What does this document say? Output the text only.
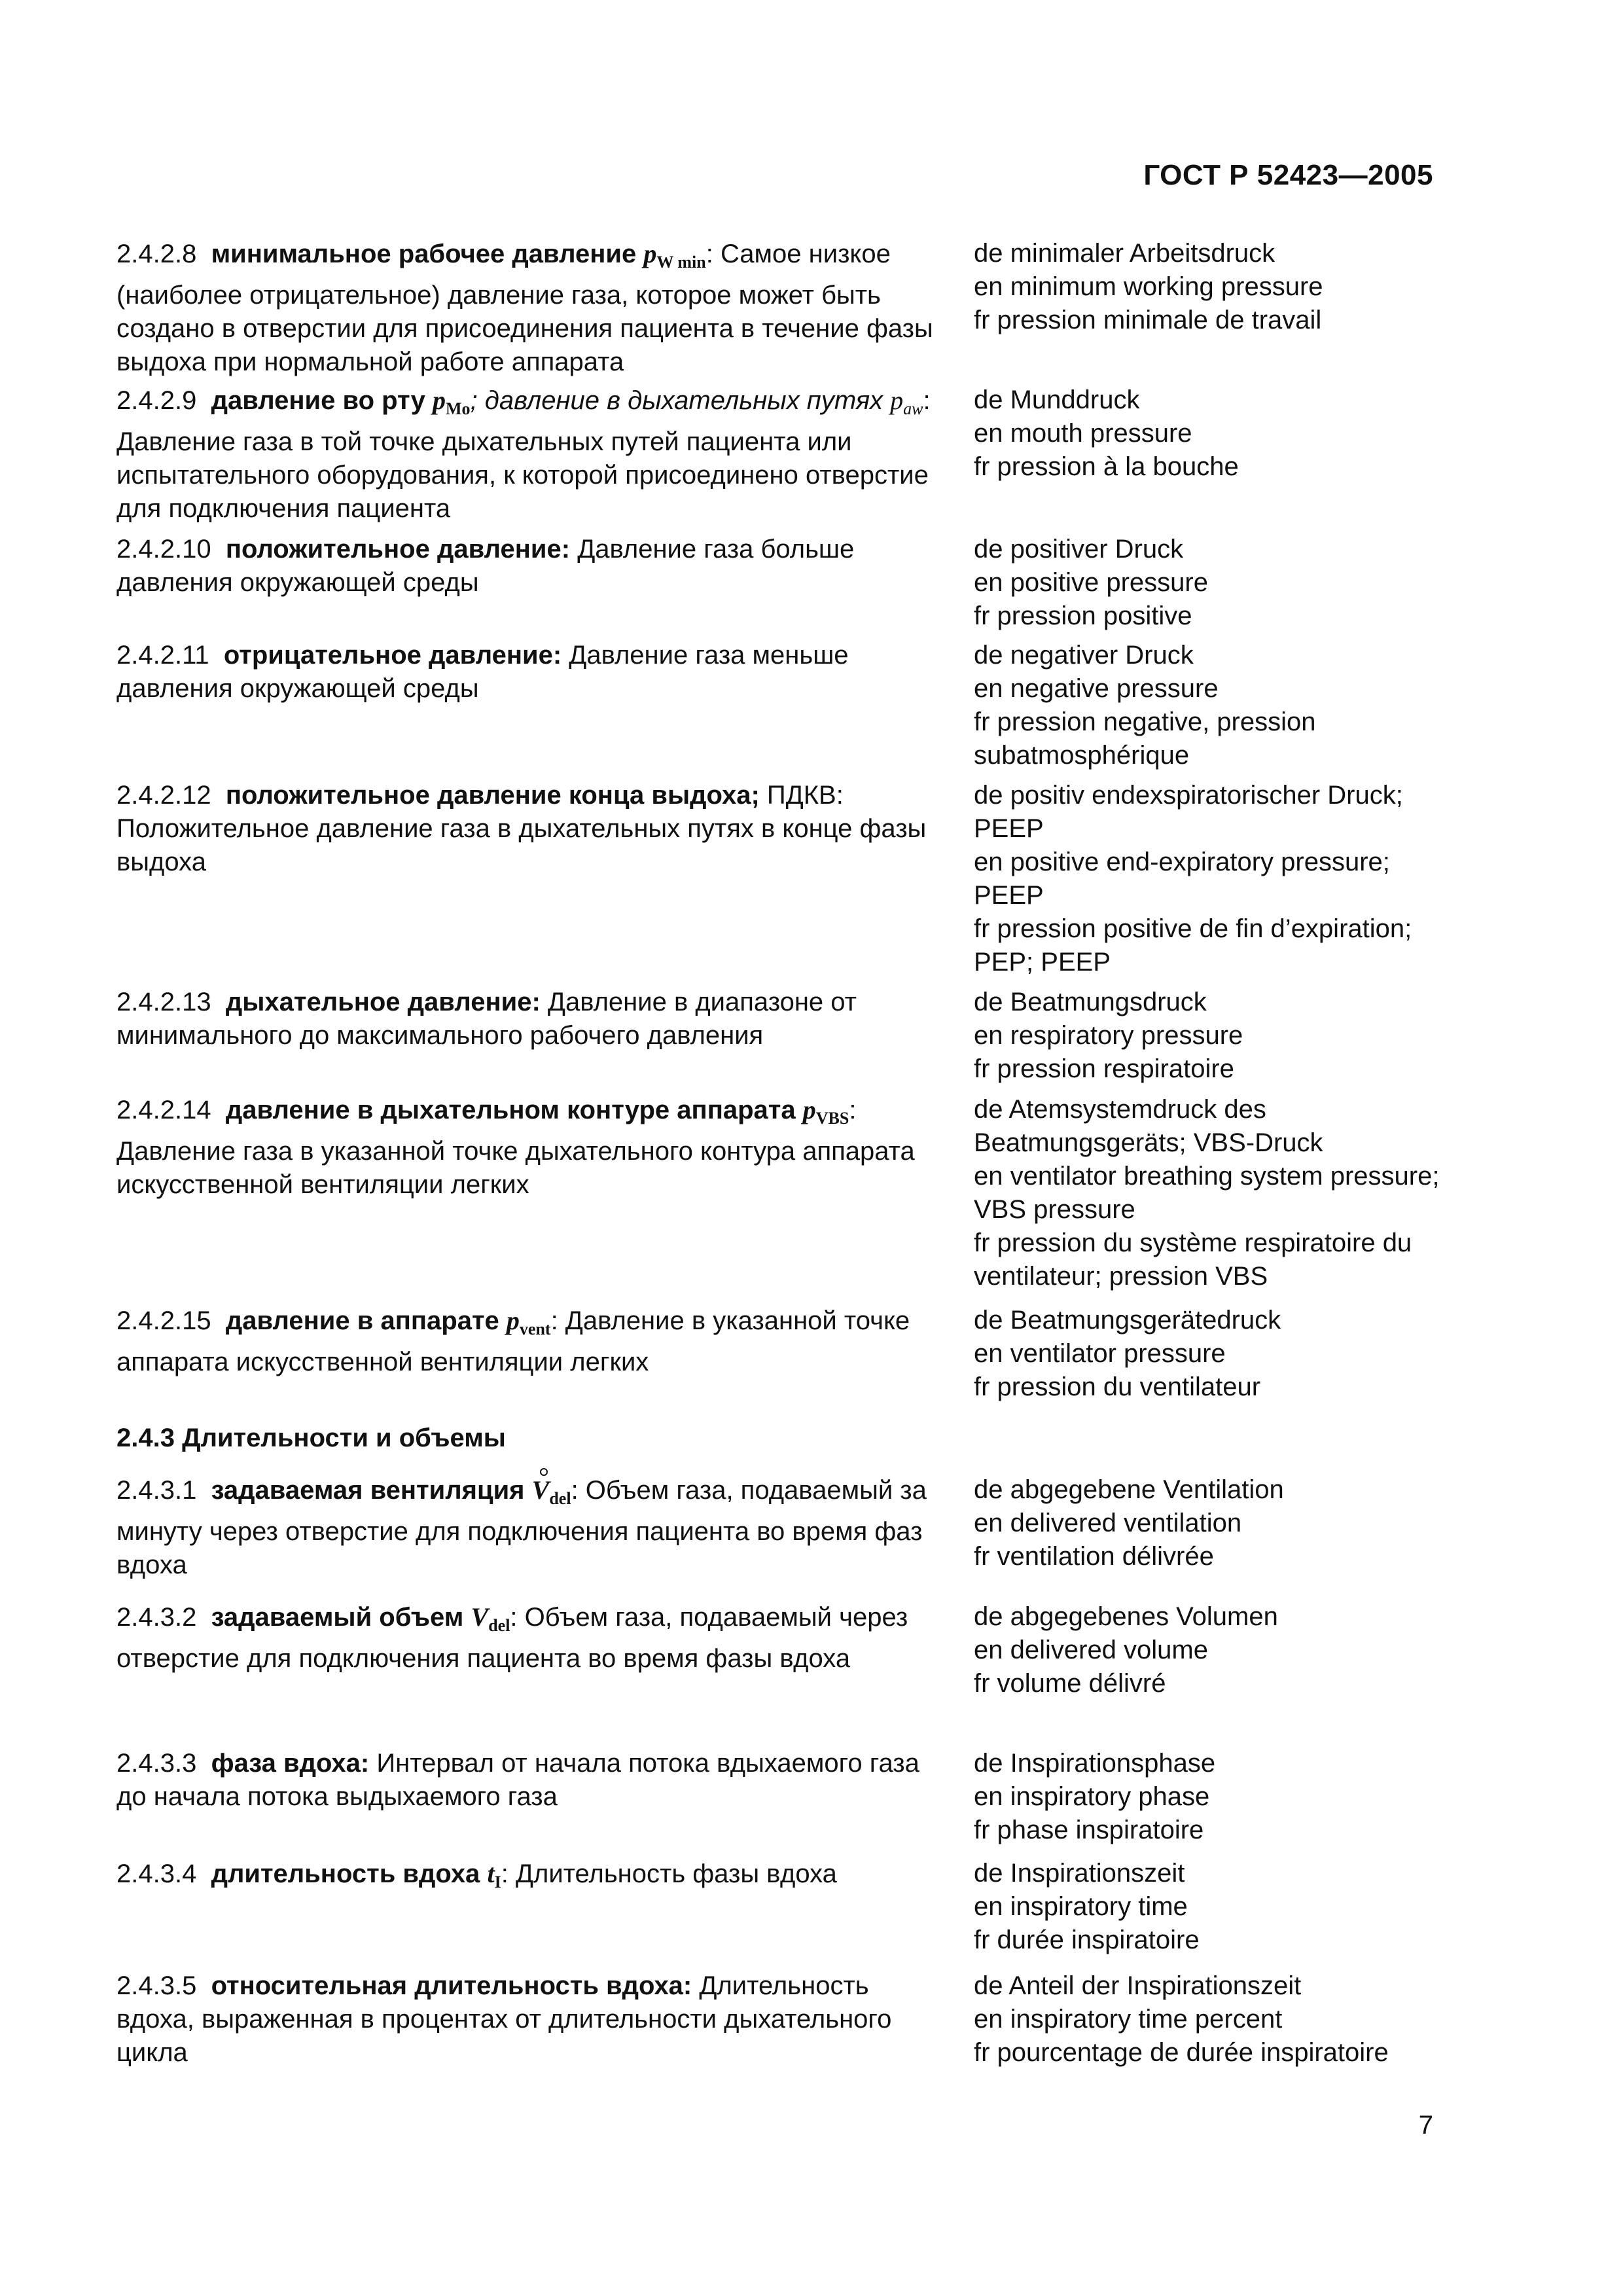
ГОСТ Р 52423—2005
2.4.2.8 минимальное рабочее давление $p_{W min}$: Самое низкое (наиболее отрицательное) давление газа, которое может быть создано в отверстии для присоединения пациента в течение фазы выдоха при нормальной работе аппарата
de minimaler Arbeitsdruck
en minimum working pressure
fr pression minimale de travail
2.4.2.9 давление во рту $p_{Mo}$; давление в дыхательных путях $p_{aw}$: Давление газа в той точке дыхательных путей пациента или испытательного оборудования, к которой присоединено отверстие для подключения пациента
de Munddruck
en mouth pressure
fr pression à la bouche
2.4.2.10 положительное давление: Давление газа больше давления окружающей среды
de positiver Druck
en positive pressure
fr pression positive
2.4.2.11 отрицательное давление: Давление газа меньше давления окружающей среды
de negativer Druck
en negative pressure
fr pression negative, pression subatmosphérique
2.4.2.12 положительное давление конца выдоха; ПДКВ: Положительное давление газа в дыхательных путях в конце фазы выдоха
de positiv endexspiratorischer Druck; PEEP
en positive end-expiratory pressure; PEEP
fr pression positive de fin d’expiration; PEP; PEEP
2.4.2.13 дыхательное давление: Давление в диапазоне от минимального до максимального рабочего давления
de Beatmungsdruck
en respiratory pressure
fr pression respiratoire
2.4.2.14 давление в дыхательном контуре аппарата $p_{VBS}$: Давление газа в указанной точке дыхательного контура аппарата искусственной вентиляции легких
de Atemsystemdruck des Beatmungsgeräts; VBS-Druck
en ventilator breathing system pressure; VBS pressure
fr pression du système respiratoire du ventilateur; pression VBS
2.4.2.15 давление в аппарате $p_{vent}$: Давление в указанной точке аппарата искусственной вентиляции легких
de Beatmungsgerätedruck
en ventilator pressure
fr pression du ventilateur
2.4.3 Длительности и объемы
2.4.3.1 задаваемая вентиляция $V_{del}$: Объем газа, подаваемый за минуту через отверстие для подключения пациента во время фаз вдоха
de abgegebene Ventilation
en delivered ventilation
fr ventilation délivrée
2.4.3.2 задаваемый объем $V_{del}$: Объем газа, подаваемый через отверстие для подключения пациента во время фазы вдоха
de abgegebenes Volumen
en delivered volume
fr volume délivré
2.4.3.3 фаза вдоха: Интервал от начала потока вдыхаемого газа до начала потока выдыхаемого газа
de Inspirationsphase
en inspiratory phase
fr phase inspiratoire
2.4.3.4 длительность вдоха $t_I$: Длительность фазы вдоха	de Inspirationszeit
en inspiratory time
fr durée inspiratoire
2.4.3.5 относительная длительность вдоха: Длительность вдоха, выраженная в процентах от длительности дыхательного цикла
de Anteil der Inspirationszeit
en inspiratory time percent
fr pourcentage de durée inspiratoire
7
